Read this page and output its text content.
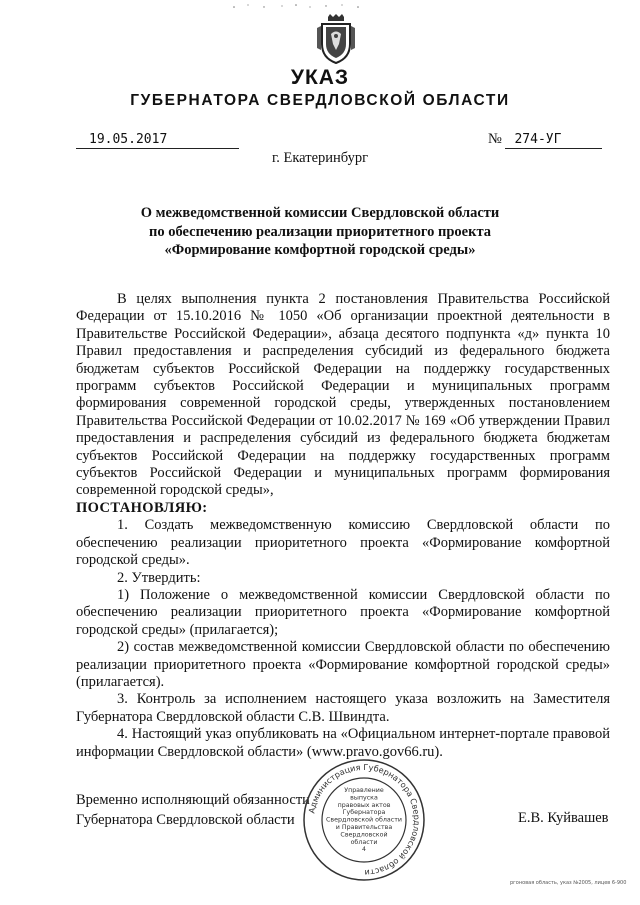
УКАЗ
ГУБЕРНАТОРА СВЕРДЛОВСКОЙ ОБЛАСТИ
19.05.2017	№ 274-УГ
г. Екатеринбург
О межведомственной комиссии Свердловской области
по обеспечению реализации приоритетного проекта
«Формирование комфортной городской среды»

В целях выполнения пункта 2 постановления Правительства Российской Федерации от 15.10.2016 № 1050 «Об организации проектной деятельности в Правительстве Российской Федерации», абзаца десятого подпункта «д» пункта 10 Правил предоставления и распределения субсидий из федерального бюджета бюджетам субъектов Российской Федерации на поддержку государственных программ субъектов Российской Федерации и муниципальных программ формирования современной городской среды, утвержденных постановлением Правительства Российской Федерации от 10.02.2017 № 169 «Об утверждении Правил предоставления и распределения субсидий из федерального бюджета бюджетам субъектов Российской Федерации на поддержку государственных программ субъектов Российской Федерации и муниципальных программ формирования современной городской среды»,

ПОСТАНОВЛЯЮ:

1. Создать межведомственную комиссию Свердловской области по обеспечению реализации приоритетного проекта «Формирование комфортной городской среды».

2. Утвердить:

1) Положение о межведомственной комиссии Свердловской области по обеспечению реализации приоритетного проекта «Формирование комфортной городской среды» (прилагается);

2) состав межведомственной комиссии Свердловской области по обеспечению реализации приоритетного проекта «Формирование комфортной городской среды» (прилагается).

3. Контроль за исполнением настоящего указа возложить на Заместителя Губернатора Свердловской области С.В. Швиндта.

4. Настоящий указ опубликовать на «Официальном интернет-портале правовой информации Свердловской области» (www.pravo.gov66.ru).

Временно исполняющий обязанности
Губернатора Свердловской области	Е.В. Куйвашев
Администрация Губернатора Свердловской области
Управление
выпуска
правовых актов
Губернатора
Свердловской области
и Правительства
Свердловской
области
4
ргоновая область, указ №2005, лицев 6-900
